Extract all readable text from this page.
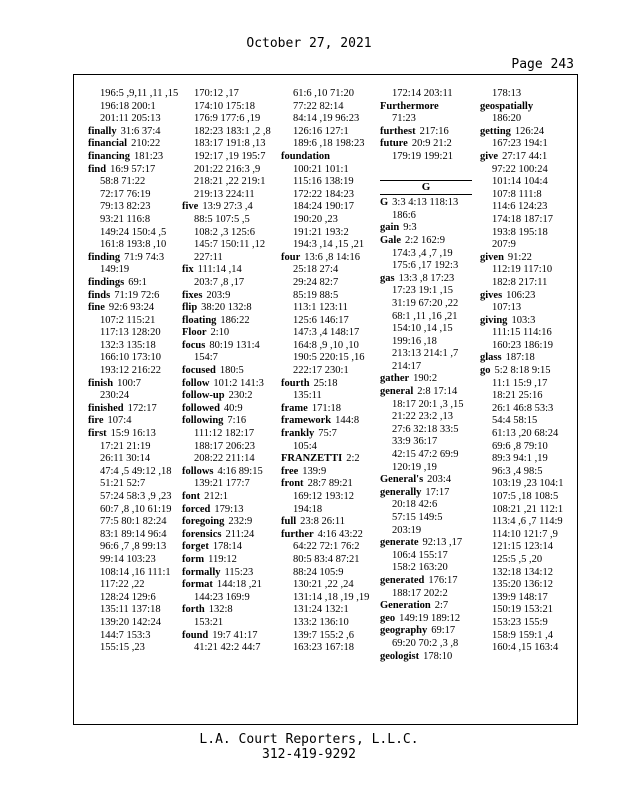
October 27, 2021
Page 243
196:5 ,9,11 ,11 ,15
196:18 200:1
201:11 205:13
finally 31:6 37:4
financial 210:22
financing 181:23
find 16:9 57:17
58:8 71:22
72:17 76:19
79:13 82:23
93:21 116:8
149:24 150:4 ,5
161:8 193:8 ,10
finding 71:9 74:3
149:19
findings 69:1
finds 71:19 72:6
fine 92:6 93:24
107:2 115:21
117:13 128:20
132:3 135:18
166:10 173:10
193:12 216:22
finish 100:7
230:24
finished 172:17
fire 107:4
first 15:9 16:13
17:21 21:19
26:11 30:14
47:4 ,5 49:12 ,18
51:21 52:7
57:24 58:3 ,9 ,23
60:7 ,8 ,10 61:19
77:5 80:1 82:24
83:1 89:14 96:4
96:6 ,7 ,8 99:13
99:14 103:23
108:14 ,16 111:1
117:22 ,22
128:24 129:6
135:11 137:18
139:20 142:24
144:7 153:3
155:15 ,23
170:12 ,17
174:10 175:18
176:9 177:6 ,19
182:23 183:1 ,2 ,8
183:17 191:8 ,13
192:17 ,19 195:7
201:22 216:3 ,9
218:21 ,22 219:1
219:13 224:11
five 13:9 27:3 ,4
88:5 107:5 ,5
108:2 ,3 125:6
145:7 150:11 ,12
227:11
fix 111:14 ,14
203:7 ,8 ,17
fixes 203:9
flip 38:20 132:8
floating 186:22
Floor 2:10
focus 80:19 131:4
154:7
focused 180:5
follow 101:2 141:3
follow-up 230:2
followed 40:9
following 7:16
111:12 182:17
188:17 206:23
208:22 211:14
follows 4:16 89:15
139:21 177:7
font 212:1
forced 179:13
foregoing 232:9
forensics 211:24
forget 178:14
form 119:12
formally 115:23
format 144:18 ,21
144:23 169:9
forth 132:8
153:21
found 19:7 41:17
41:21 42:2 44:7
61:6 ,10 71:20
77:22 82:14
84:14 ,19 96:23
126:16 127:1
189:6 ,18 198:23
foundation
100:21 101:1
115:16 138:19
172:22 184:23
184:24 190:17
190:20 ,23
191:21 193:2
194:3 ,14 ,15 ,21
four 13:6 ,8 14:16
25:18 27:4
29:24 82:7
85:19 88:5
113:1 123:11
125:6 146:17
147:3 ,4 148:17
164:8 ,9 ,10 ,10
190:5 220:15 ,16
222:17 230:1
fourth 25:18
135:11
frame 171:18
framework 144:8
frankly 75:7
105:4
FRANZETTI 2:2
free 139:9
front 28:7 89:21
169:12 193:12
194:18
full 23:8 26:11
further 4:16 43:22
64:22 72:1 76:2
80:5 83:4 87:21
88:24 105:9
130:21 ,22 ,24
131:14 ,18 ,19 ,19
131:24 132:1
133:2 136:10
139:7 155:2 ,6
163:23 167:18
172:14 203:11
Furthermore
71:23
furthest 217:16
future 20:9 21:2
179:19 199:21
G
G 3:3 4:13 118:13
186:6
gain 9:3
Gale 2:2 162:9
174:3 ,4 ,7 ,19
175:6 ,17 192:3
gas 13:3 ,8 17:23
17:23 19:1 ,15
31:19 67:20 ,22
68:1 ,11 ,16 ,21
154:10 ,14 ,15
199:16 ,18
213:13 214:1 ,7
214:17
gather 190:2
general 2:8 17:14
18:17 20:1 ,3 ,15
21:22 23:2 ,13
27:6 32:18 33:5
33:9 36:17
42:15 47:2 69:9
120:19 ,19
General's 203:4
generally 17:17
20:18 42:6
57:15 149:5
203:19
generate 92:13 ,17
106:4 155:17
158:2 163:20
generated 176:17
188:17 202:2
Generation 2:7
geo 149:19 189:12
geography 69:17
69:20 70:2 ,3 ,8
geologist 178:10
178:13
geospatially
186:20
getting 126:24
167:23 194:1
give 27:17 44:1
97:22 100:24
101:14 104:4
107:8 111:8
114:6 124:23
174:18 187:17
193:8 195:18
207:9
given 91:22
112:19 117:10
182:8 217:11
gives 106:23
107:13
giving 103:3
111:15 114:16
160:23 186:19
glass 187:18
go 5:2 8:18 9:15
11:1 15:9 ,17
18:21 25:16
26:1 46:8 53:3
54:4 58:15
61:13 ,20 68:24
69:6 ,8 79:10
89:3 94:1 ,19
96:3 ,4 98:5
103:19 ,23 104:1
107:5 ,18 108:5
108:21 ,21 112:1
113:4 ,6 ,7 114:9
114:10 121:7 ,9
121:15 123:14
125:5 ,5 ,20
132:18 134:12
135:20 136:12
139:9 148:17
150:19 153:21
153:23 155:9
158:9 159:1 ,4
160:4 ,15 163:4
L.A. Court Reporters, L.L.C.
312-419-9292
